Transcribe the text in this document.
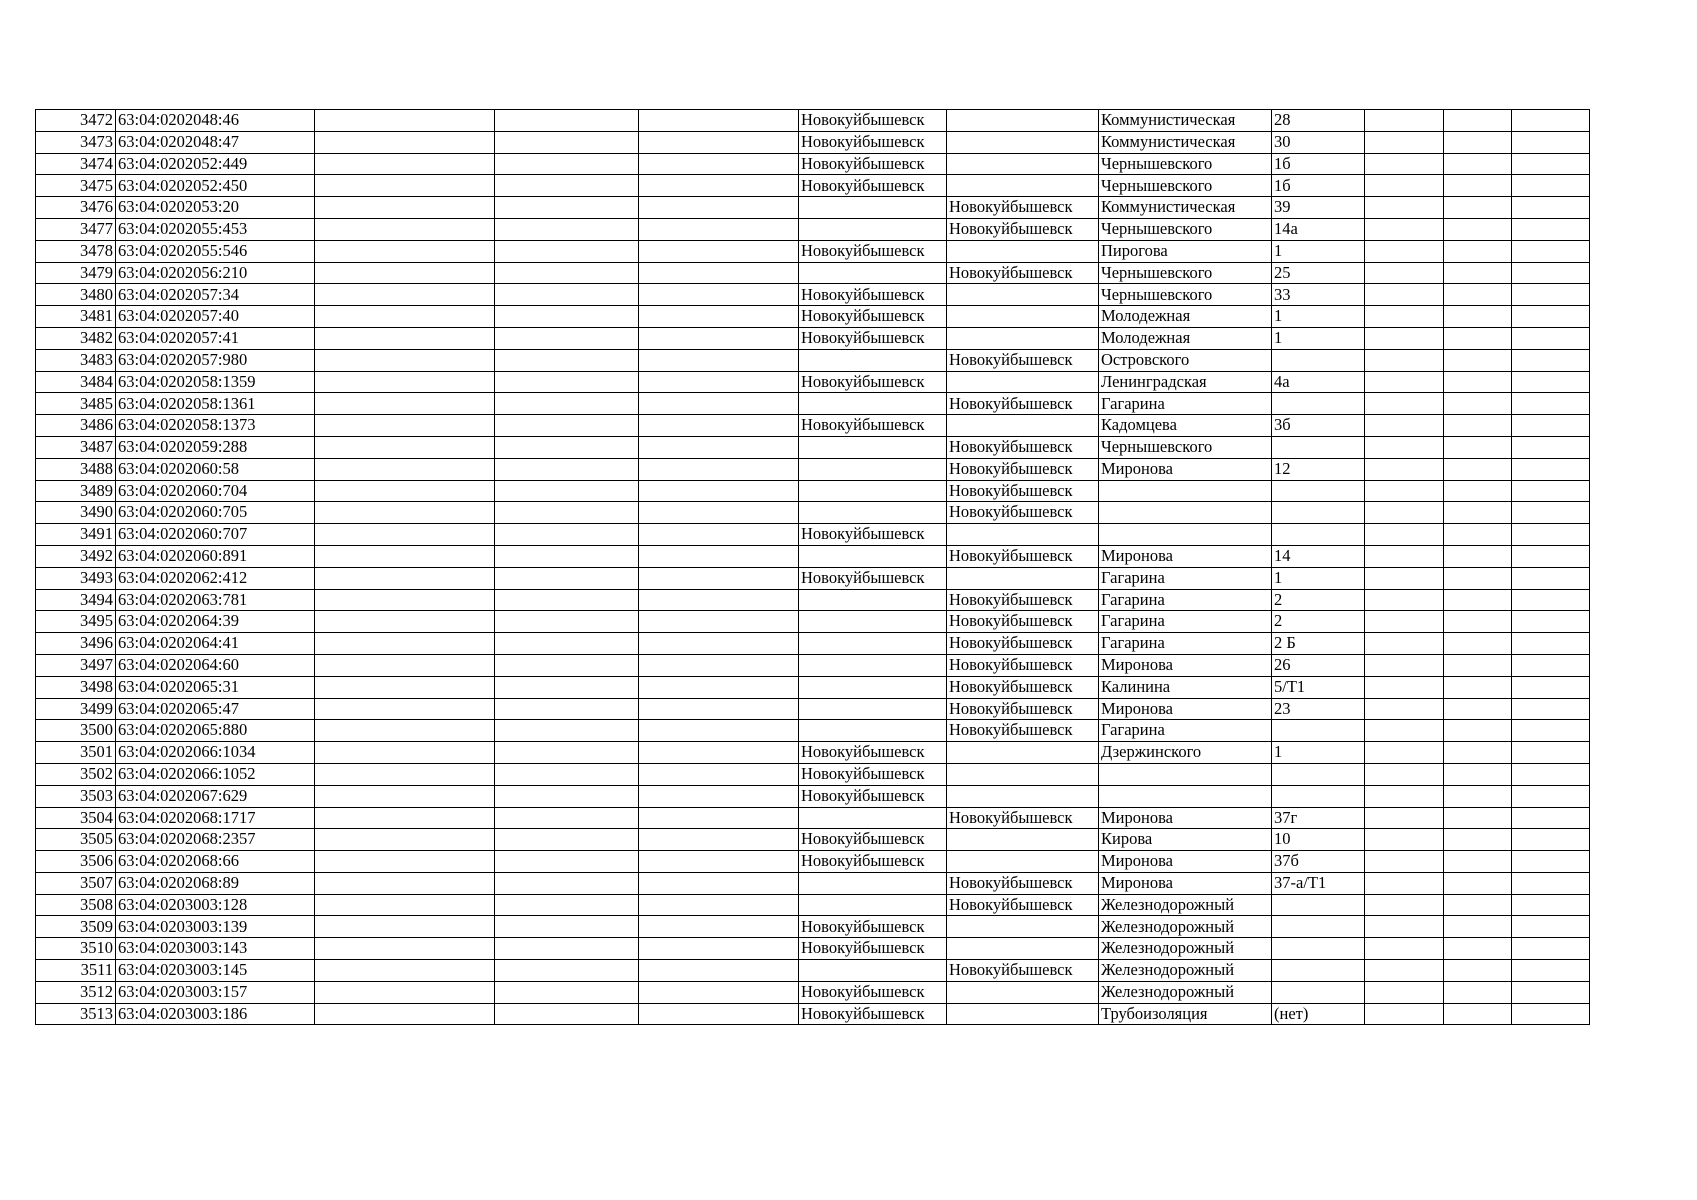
3472	63:04:0202048:46				Новокуйбышевск		Коммунистическая	28			
3473	63:04:0202048:47				Новокуйбышевск		Коммунистическая	30			
3474	63:04:0202052:449				Новокуйбышевск		Чернышевского	1б			
3475	63:04:0202052:450				Новокуйбышевск		Чернышевского	1б			
3476	63:04:0202053:20					Новокуйбышевск	Коммунистическая	39			
3477	63:04:0202055:453					Новокуйбышевск	Чернышевского	14а			
3478	63:04:0202055:546				Новокуйбышевск		Пирогова	1			
3479	63:04:0202056:210					Новокуйбышевск	Чернышевского	25			
3480	63:04:0202057:34				Новокуйбышевск		Чернышевского	33			
3481	63:04:0202057:40				Новокуйбышевск		Молодежная	1			
3482	63:04:0202057:41				Новокуйбышевск		Молодежная	1			
3483	63:04:0202057:980					Новокуйбышевск	Островского				
3484	63:04:0202058:1359				Новокуйбышевск		Ленинградская	4а			
3485	63:04:0202058:1361					Новокуйбышевск	Гагарина				
3486	63:04:0202058:1373				Новокуйбышевск		Кадомцева	3б			
3487	63:04:0202059:288					Новокуйбышевск	Чернышевского				
3488	63:04:0202060:58					Новокуйбышевск	Миронова	12			
3489	63:04:0202060:704					Новокуйбышевск					
3490	63:04:0202060:705					Новокуйбышевск					
3491	63:04:0202060:707				Новокуйбышевск						
3492	63:04:0202060:891					Новокуйбышевск	Миронова	14			
3493	63:04:0202062:412				Новокуйбышевск		Гагарина	1			
3494	63:04:0202063:781					Новокуйбышевск	Гагарина	2			
3495	63:04:0202064:39					Новокуйбышевск	Гагарина	2			
3496	63:04:0202064:41					Новокуйбышевск	Гагарина	2 Б			
3497	63:04:0202064:60					Новокуйбышевск	Миронова	26			
3498	63:04:0202065:31					Новокуйбышевск	Калинина	5/Т1			
3499	63:04:0202065:47					Новокуйбышевск	Миронова	23			
3500	63:04:0202065:880					Новокуйбышевск	Гагарина				
3501	63:04:0202066:1034				Новокуйбышевск		Дзержинского	1			
3502	63:04:0202066:1052				Новокуйбышевск						
3503	63:04:0202067:629				Новокуйбышевск						
3504	63:04:0202068:1717					Новокуйбышевск	Миронова	37г			
3505	63:04:0202068:2357				Новокуйбышевск		Кирова	10			
3506	63:04:0202068:66				Новокуйбышевск		Миронова	37б			
3507	63:04:0202068:89					Новокуйбышевск	Миронова	37-а/Т1			
3508	63:04:0203003:128					Новокуйбышевск	Железнодорожный				
3509	63:04:0203003:139				Новокуйбышевск		Железнодорожный				
3510	63:04:0203003:143				Новокуйбышевск		Железнодорожный				
3511	63:04:0203003:145					Новокуйбышевск	Железнодорожный				
3512	63:04:0203003:157				Новокуйбышевск		Железнодорожный				
3513	63:04:0203003:186				Новокуйбышевск		Трубоизоляция	(нет)			
